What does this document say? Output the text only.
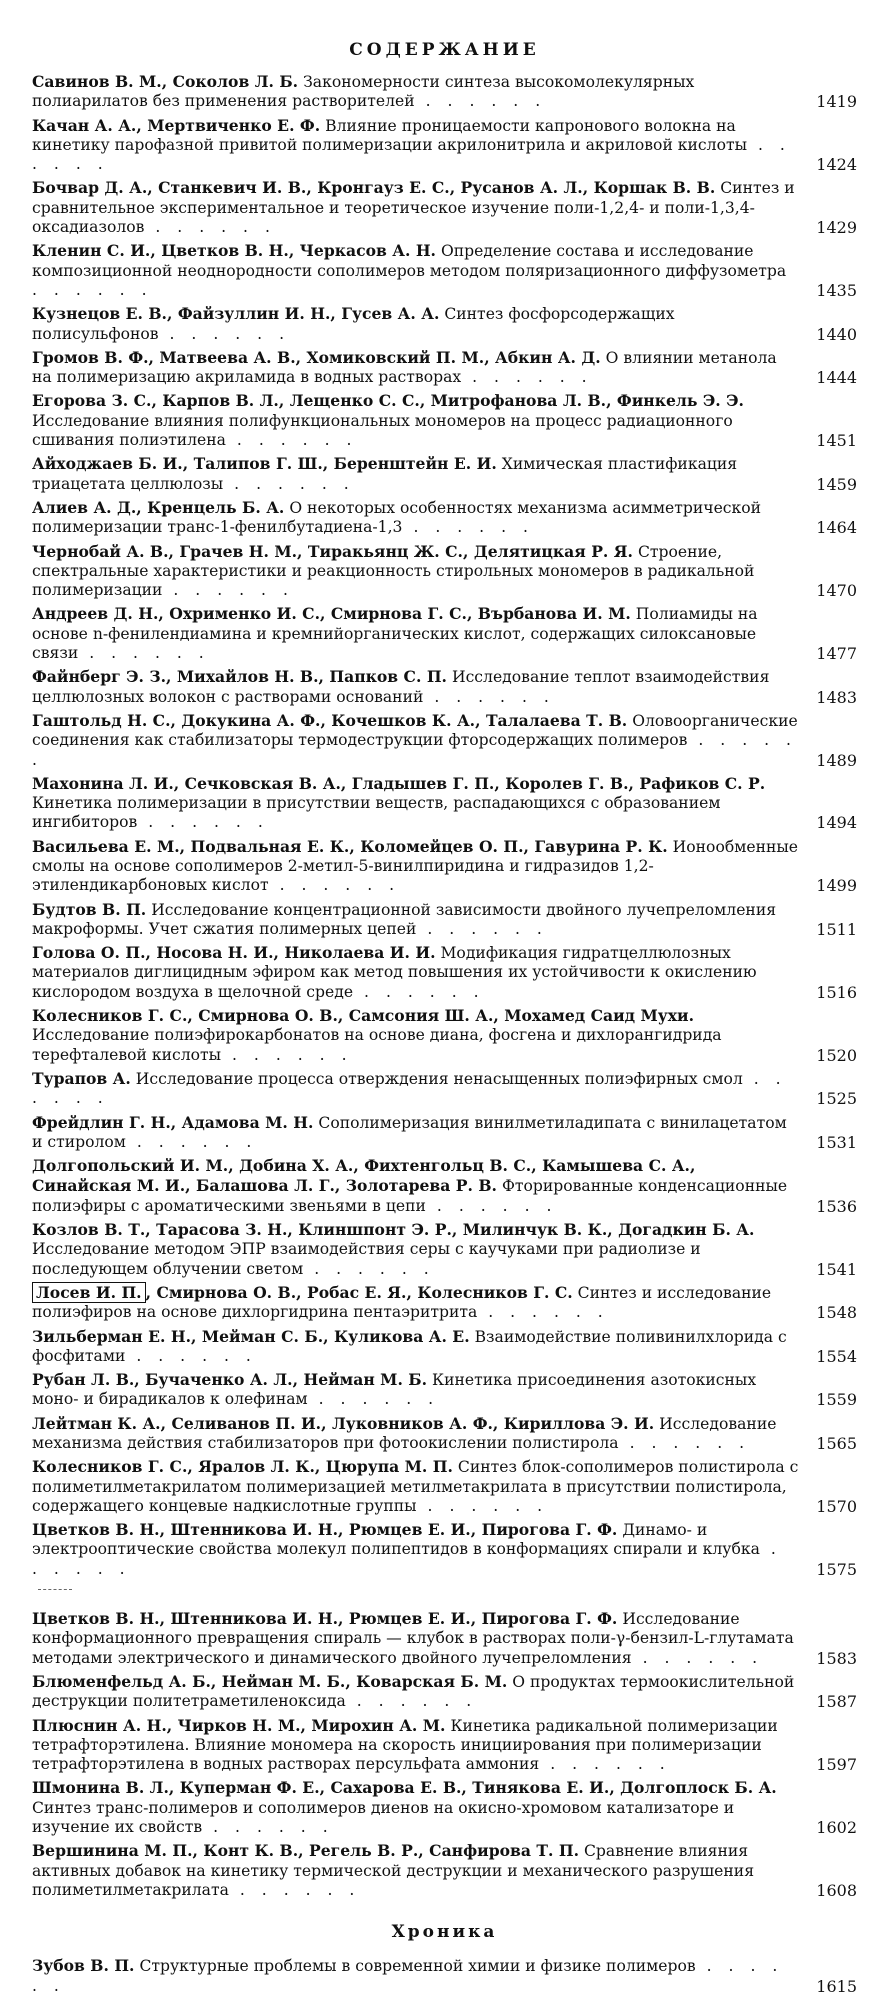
СОДЕРЖАНИЕ
Савинов В. М., Соколов Л. Б. Закономерности синтеза высокомолекулярных полиарилатов без применения растворителей . . . . . .	1419
Качан А. А., Мертвиченко Е. Ф. Влияние проницаемости капронового волокна на кинетику парофазной привитой полимеризации акрилонитрила и акриловой кислоты . . . . . .	1424
Бочвар Д. А., Станкевич И. В., Кронгауз Е. С., Русанов А. Л., Коршак В. В. Синтез и сравнительное экспериментальное и теоретическое изучение поли-1,2,4- и поли-1,3,4-оксадиазолов . . . . . .	1429
Кленин С. И., Цветков В. Н., Черкасов А. Н. Определение состава и исследование композиционной неоднородности сополимеров методом поляризационного диффузометра . . . . . .	1435
Кузнецов Е. В., Файзуллин И. Н., Гусев А. А. Синтез фосфорсодержащих полисульфонов . . . . . .	1440
Громов В. Ф., Матвеева А. В., Хомиковский П. М., Абкин А. Д. О влиянии метанола на полимеризацию акриламида в водных растворах . . . . . .	1444
Егорова З. С., Карпов В. Л., Лещенко С. С., Митрофанова Л. В., Финкель Э. Э. Исследование влияния полифункциональных мономеров на процесс радиационного сшивания полиэтилена . . . . . .	1451
Айходжаев Б. И., Талипов Г. Ш., Беренштейн Е. И. Химическая пластификация триацетата целлюлозы . . . . . .	1459
Алиев А. Д., Кренцель Б. А. О некоторых особенностях механизма асимметрической полимеризации транс-1-фенилбутадиена-1,3 . . . . . .	1464
Чернобай А. В., Грачев Н. М., Тиракьянц Ж. С., Делятицкая Р. Я. Строение, спектральные характеристики и реакционность стирольных мономеров в радикальной полимеризации . . . . . .	1470
Андреев Д. Н., Охрименко И. С., Смирнова Г. С., Върбанова И. М. Полиамиды на основе n-фенилендиамина и кремнийорганических кислот, содержащих силоксановые связи . . . . . .	1477
Файнберг Э. З., Михайлов Н. В., Папков С. П. Исследование теплот взаимодействия целлюлозных волокон с растворами оснований . . . . . .	1483
Гаштольд Н. С., Докукина А. Ф., Кочешков К. А., Талалаева Т. В. Оловоорганические соединения как стабилизаторы термодеструкции фторсодержащих полимеров . . . . . .	1489
Махонина Л. И., Сечковская В. А., Гладышев Г. П., Королев Г. В., Рафиков С. Р. Кинетика полимеризации в присутствии веществ, распадающихся с образованием ингибиторов . . . . . .	1494
Васильева Е. М., Подвальная Е. К., Коломейцев О. П., Гавурина Р. К. Ионообменные смолы на основе сополимеров 2-метил-5-винилпиридина и гидразидов 1,2-этилендикарбоновых кислот . . . . . .	1499
Будтов В. П. Исследование концентрационной зависимости двойного лучепреломления макроформы. Учет сжатия полимерных цепей . . . . . .	1511
Голова О. П., Носова Н. И., Николаева И. И. Модификация гидратцеллюлозных материалов диглицидным эфиром как метод повышения их устойчивости к окислению кислородом воздуха в щелочной среде . . . . . .	1516
Колесников Г. С., Смирнова О. В., Самсония Ш. А., Мохамед Саид Мухи. Исследование полиэфирокарбонатов на основе диана, фосгена и дихлорангидрида терефталевой кислоты . . . . . .	1520
Турапов А. Исследование процесса отверждения ненасыщенных полиэфирных смол . . . . . .	1525
Фрейдлин Г. Н., Адамова М. Н. Сополимеризация винилметиладипата с винилацетатом и стиролом . . . . . .	1531
Долгопольский И. М., Добина Х. А., Фихтенгольц В. С., Камышева С. А., Синайская М. И., Балашова Л. Г., Золотарева Р. В. Фторированные конденсационные полиэфиры с ароматическими звеньями в цепи . . . . . .	1536
Козлов В. Т., Тарасова З. Н., Клиншпонт Э. Р., Милинчук В. К., Догадкин Б. А. Исследование методом ЭПР взаимодействия серы с каучуками при радиолизе и последующем облучении светом . . . . . .	1541
Лосев И. П. , Смирнова О. В., Робас Е. Я., Колесников Г. С. Синтез и исследование полиэфиров на основе дихлоргидрина пентаэритрита . . . . . .	1548
Зильберман Е. Н., Мейман С. Б., Куликова А. Е. Взаимодействие поливинилхлорида с фосфитами . . . . . .	1554
Рубан Л. В., Бучаченко А. Л., Нейман М. Б. Кинетика присоединения азотокисных моно- и бирадикалов к олефинам . . . . . .	1559
Лейтман К. А., Селиванов П. И., Луковников А. Ф., Кириллова Э. И. Исследование механизма действия стабилизаторов при фотоокислении полистирола . . . . . .	1565
Колесников Г. С., Яралов Л. К., Цюрупа М. П. Синтез блок-сополимеров полистирола с полиметилметакрилатом полимеризацией метилметакрилата в присутствии полистирола, содержащего концевые надкислотные группы . . . . . .	1570
Цветков В. Н., Штенникова И. Н., Рюмцев Е. И., Пирогова Г. Ф. Динамо- и электрооптические свойства молекул полипептидов в конформациях спирали и клубка . . . . . .	1575
Цветков В. Н., Штенникова И. Н., Рюмцев Е. И., Пирогова Г. Ф. Исследование конформационного превращения спираль — клубок в растворах поли-γ-бензил-L-глутамата методами электрического и динамического двойного лучепреломления . . . . . .	1583
Блюменфельд А. Б., Нейман М. Б., Коварская Б. М. О продуктах термоокислительной деструкции политетраметиленоксида . . . . . .	1587
Плюснин А. Н., Чирков Н. М., Мирохин А. М. Кинетика радикальной полимеризации тетрафторэтилена. Влияние мономера на скорость инициирования при полимеризации тетрафторэтилена в водных растворах персульфата аммония . . . . . .	1597
Шмонина В. Л., Куперман Ф. Е., Сахарова Е. В., Тинякова Е. И., Долгоплоск Б. А. Синтез транс-полимеров и сополимеров диенов на окисно-хромовом катализаторе и изучение их свойств . . . . . .	1602
Вершинина М. П., Конт К. В., Регель В. Р., Санфирова Т. П. Сравнение влияния активных добавок на кинетику термической деструкции и механического разрушения полиметилметакрилата . . . . . .	1608
Хроника
Зубов В. П. Структурные проблемы в современной химии и физике полимеров . . . . . .	1615
